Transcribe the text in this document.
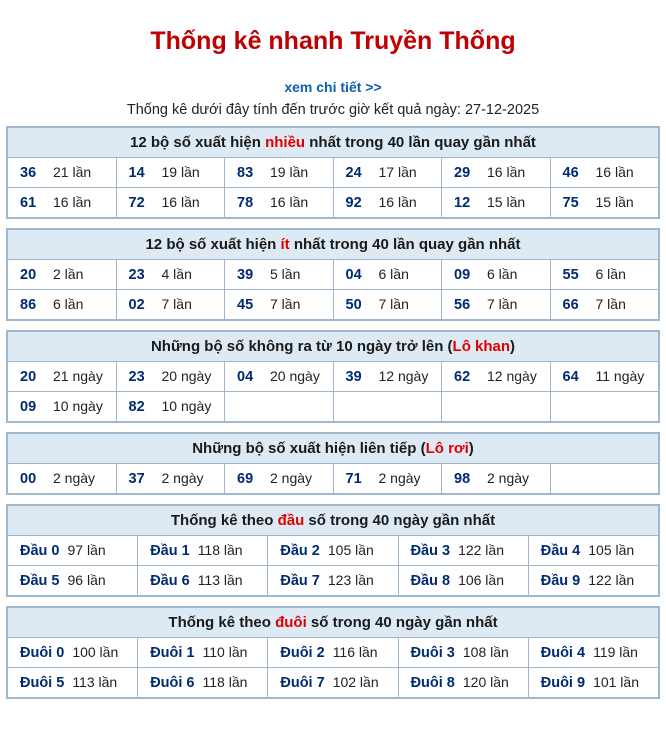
Thống kê nhanh Truyền Thống
xem chi tiết >>
Thống kê dưới đây tính đến trước giờ kết quả ngày: 27-12-2025
12 bộ số xuất hiện nhiều nhất trong 40 lần quay gần nhất					

36 21 lần	14 19 lần	83 19 lần	24 17 lần	29 16 lần	46 16 lần

61 16 lần	72 16 lần	78 16 lần	92 16 lần	12 15 lần	75 15 lần
12 bộ số xuất hiện ít nhất trong 40 lần quay gần nhất					

20 2 lần	23 4 lần	39 5 lần	04 6 lần	09 6 lần	55 6 lần

86 6 lần	02 7 lần	45 7 lần	50 7 lần	56 7 lần	66 7 lần
Những bộ số không ra từ 10 ngày trở lên (Lô khan)					

20 21 ngày	23 20 ngày	04 20 ngày	39 12 ngày	62 12 ngày	64 11 ngày

09 10 ngày	82 10 ngày				

Những bộ số xuất hiện liên tiếp (Lô rơi)

00	2 ngày	37	2 ngày	69	2 ngày	71	2 ngày	98	2 ngày

Thống kê theo đầu số trong 40 ngày gần nhất				

Đầu 0 97 lần	Đầu 1 118 lần	Đầu 2 105 lần	Đầu 3 122 lần	Đầu 4 105 lần

Đầu 5 96 lần	Đầu 6 113 lần	Đầu 7 123 lần	Đầu 8 106 lần	Đầu 9 122 lần
Thống kê theo đuôi số trong 40 ngày gần nhất				

Đuôi 0 100 lần	Đuôi 1 110 lần	Đuôi 2 116 lần	Đuôi 3 108 lần	Đuôi 4 119 lần

Đuôi 5 113 lần	Đuôi 6 118 lần	Đuôi 7 102 lần	Đuôi 8 120 lần	Đuôi 9 101 lần
